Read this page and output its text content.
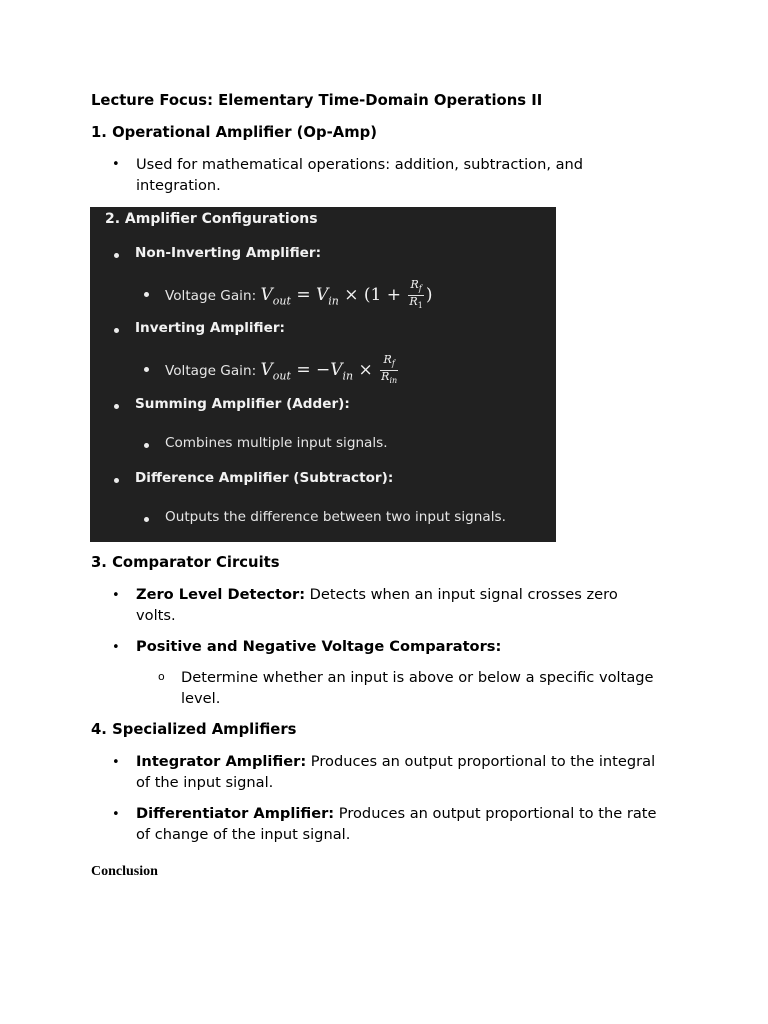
Lecture Focus: Elementary Time-Domain Operations II
1. Operational Amplifier (Op-Amp)
• Used for mathematical operations: addition, subtraction, and
integration.
2. Amplifier Configurations
Non-Inverting Amplifier:
Voltage Gain: $V_{out} = V_{in} \times (1 + \frac{R_f}{R_1}$ )
Inverting Amplifier:
Voltage Gain: $V_{out} = -V_{in} \times \frac{R_f}{R_{in}}$
Summing Amplifier (Adder):
Combines multiple input signals.
Difference Amplifier (Subtractor):
Outputs the difference between two input signals.
3. Comparator Circuits
• Zero Level Detector: Detects when an input signal crosses zero
volts.
• Positive and Negative Voltage Comparators:
o Determine whether an input is above or below a specific voltage
level.
4. Specialized Amplifiers
• Integrator Amplifier: Produces an output proportional to the integral
of the input signal.
• Differentiator Amplifier: Produces an output proportional to the rate
of change of the input signal.
Conclusion
